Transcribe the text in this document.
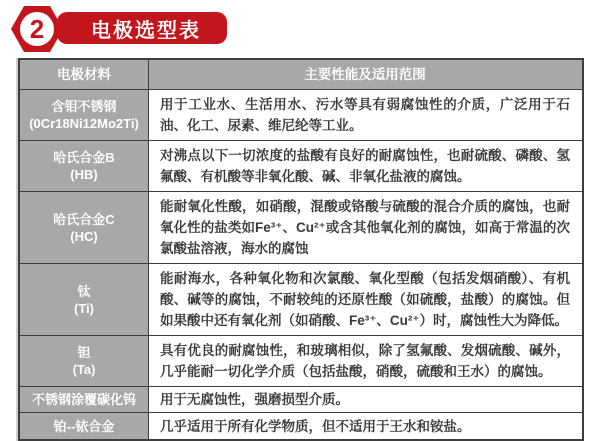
2 电极选型表
电极材料	主要性能及适用范围
含钼不锈钢
(0Cr18Ni12Mo2Ti)
用于工业水、生活用水、污水等具有弱腐蚀性的介质，广泛用于石油、化工、尿素、维尼纶等工业。
哈氏合金B
(HB)
对沸点以下一切浓度的盐酸有良好的耐腐蚀性，也耐硫酸、磷酸、氢氟酸、有机酸等非氧化酸、碱、非氧化盐液的腐蚀。
哈氏合金C
(HC)
能耐氧化性酸，如硝酸，混酸或铬酸与硫酸的混合介质的腐蚀，也耐氧化性的盐类如Fe³⁺、Cu²⁺或含其他氧化剂的腐蚀，如高于常温的次氯酸盐溶液，海水的腐蚀
钛
(Ti)
能耐海水，各种氧化物和次氯酸、氧化型酸（包括发烟硝酸）、有机酸、碱等的腐蚀，不耐较纯的还原性酸（如硫酸，盐酸）的腐蚀。但如果酸中还有氧化剂（如硝酸、Fe³⁺、Cu²⁺）时，腐蚀性大为降低。
钽
(Ta)
具有优良的耐腐蚀性，和玻璃相似，除了氢氟酸、发烟硫酸、碱外，几乎能耐一切化学介质（包括盐酸，硝酸，硫酸和王水）的腐蚀。
不锈钢涂覆碳化钨 用于无腐蚀性，强磨损型介质。
铂--铱合金	几乎适用于所有化学物质，但不适用于王水和铵盐。
